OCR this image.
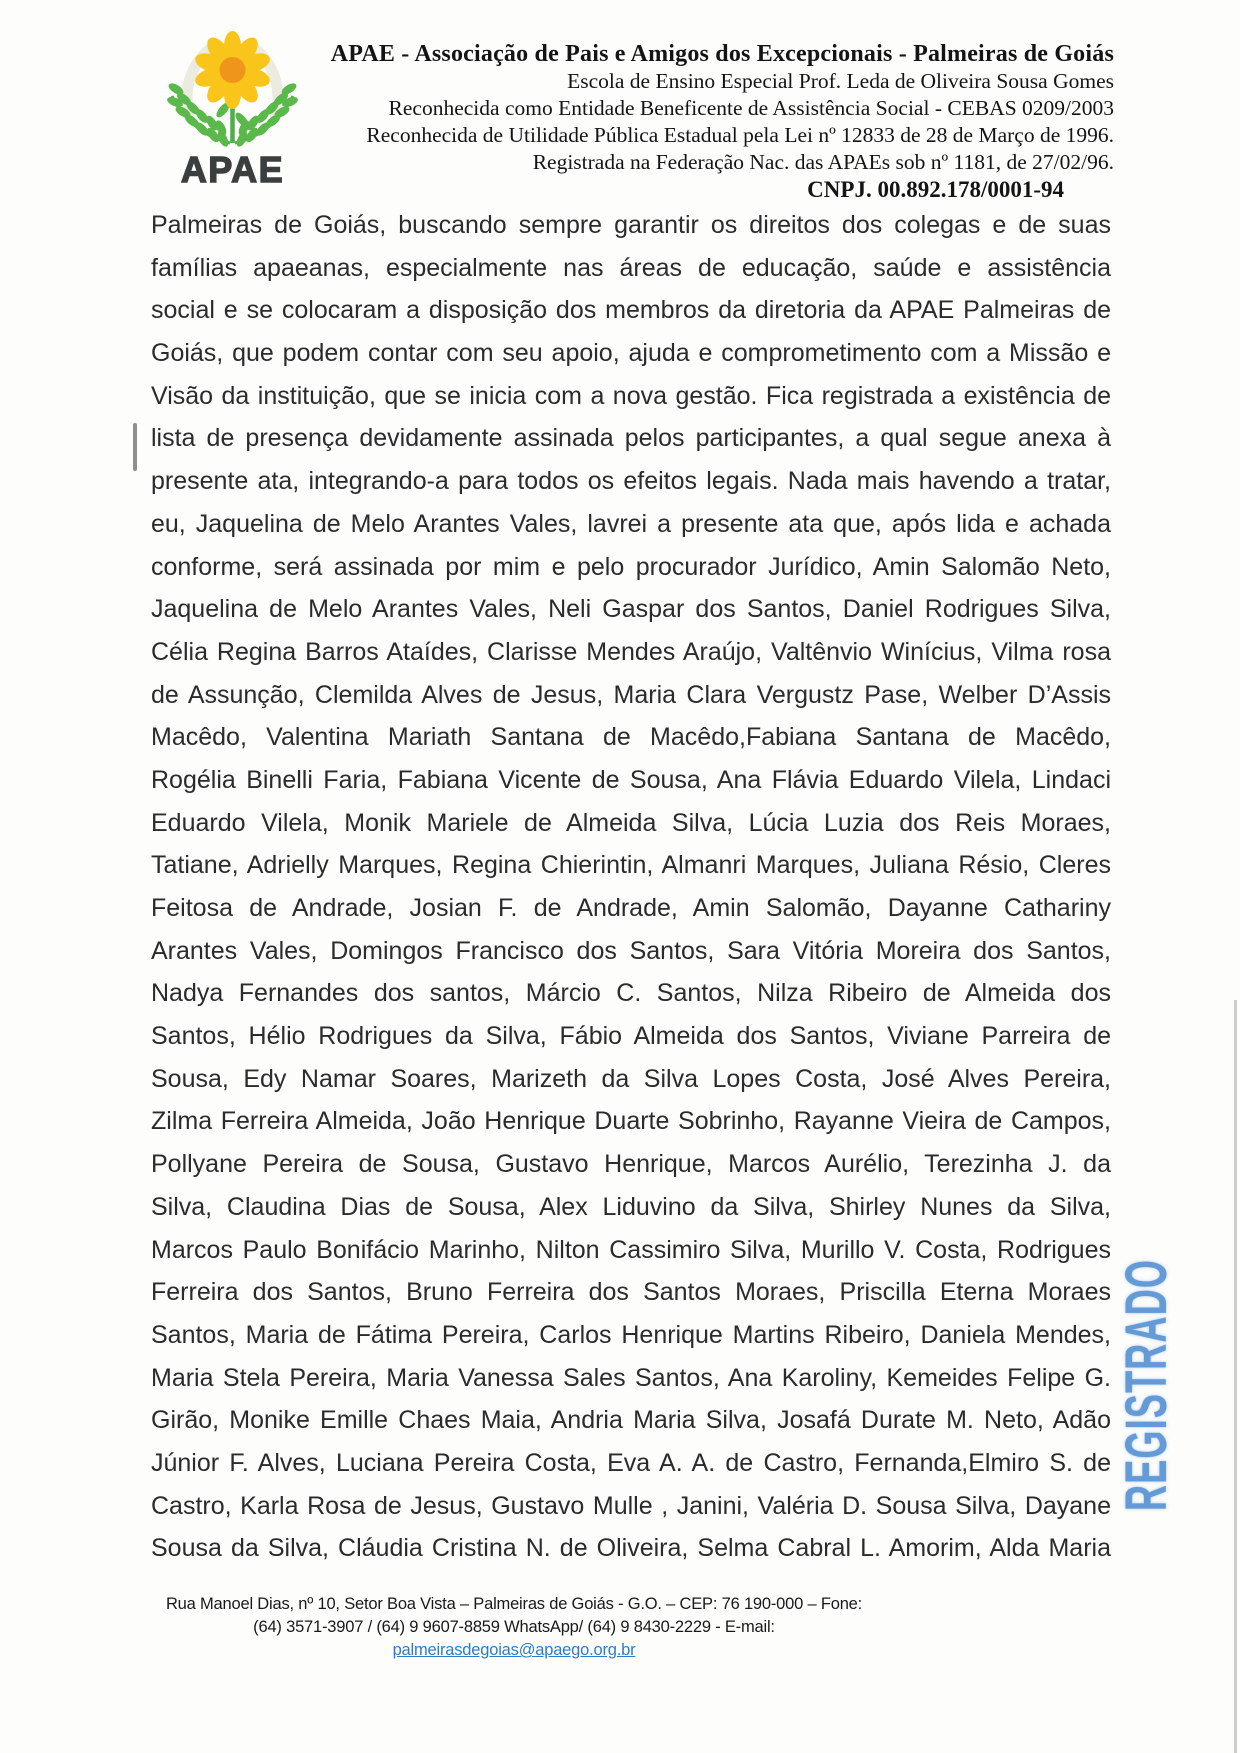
APAE
APAE - Associação de Pais e Amigos dos Excepcionais - Palmeiras de Goiás
Escola de Ensino Especial Prof. Leda de Oliveira Sousa Gomes
Reconhecida como Entidade Beneficente de Assistência Social - CEBAS 0209/2003
Reconhecida de Utilidade Pública Estadual pela Lei nº 12833 de 28 de Março de 1996.
Registrada na Federação Nac. das APAEs sob nº 1181, de 27/02/96.
CNPJ. 00.892.178/0001-94
Palmeiras de Goiás, buscando sempre garantir os direitos dos colegas e de suas
famílias apaeanas, especialmente nas áreas de educação, saúde e assistência
social e se colocaram a disposição dos membros da diretoria da APAE Palmeiras de
Goiás, que podem contar com seu apoio, ajuda e comprometimento com a Missão e
Visão da instituição, que se inicia com a nova gestão. Fica registrada a existência de
lista de presença devidamente assinada pelos participantes, a qual segue anexa à
presente ata, integrando-a para todos os efeitos legais. Nada mais havendo a tratar,
eu, Jaquelina de Melo Arantes Vales, lavrei a presente ata que, após lida e achada
conforme, será assinada por mim e pelo procurador Jurídico, Amin Salomão Neto,
Jaquelina de Melo Arantes Vales, Neli Gaspar dos Santos, Daniel Rodrigues Silva,
Célia Regina Barros Ataídes, Clarisse Mendes Araújo, Valtênvio Winícius, Vilma rosa
de Assunção, Clemilda Alves de Jesus, Maria Clara Vergustz Pase, Welber D’Assis
Macêdo, Valentina Mariath Santana de Macêdo,Fabiana Santana de Macêdo,
Rogélia Binelli Faria, Fabiana Vicente de Sousa, Ana Flávia Eduardo Vilela, Lindaci
Eduardo Vilela, Monik Mariele de Almeida Silva, Lúcia Luzia dos Reis Moraes,
Tatiane, Adrielly Marques, Regina Chierintin, Almanri Marques, Juliana Résio, Cleres
Feitosa de Andrade, Josian F. de Andrade, Amin Salomão, Dayanne Cathariny
Arantes Vales, Domingos Francisco dos Santos, Sara Vitória Moreira dos Santos,
Nadya Fernandes dos santos, Márcio C. Santos, Nilza Ribeiro de Almeida dos
Santos, Hélio Rodrigues da Silva, Fábio Almeida dos Santos, Viviane Parreira de
Sousa, Edy Namar Soares, Marizeth da Silva Lopes Costa, José Alves Pereira,
Zilma Ferreira Almeida, João Henrique Duarte Sobrinho, Rayanne Vieira de Campos,
Pollyane Pereira de Sousa, Gustavo Henrique, Marcos Aurélio, Terezinha J. da
Silva, Claudina Dias de Sousa, Alex Liduvino da Silva, Shirley Nunes da Silva,
Marcos Paulo Bonifácio Marinho, Nilton Cassimiro Silva, Murillo V. Costa, Rodrigues
Ferreira dos Santos, Bruno Ferreira dos Santos Moraes, Priscilla Eterna Moraes
Santos, Maria de Fátima Pereira, Carlos Henrique Martins Ribeiro, Daniela Mendes,
Maria Stela Pereira, Maria Vanessa Sales Santos, Ana Karoliny, Kemeides Felipe G.
Girão, Monike Emille Chaes Maia, Andria Maria Silva, Josafá Durate M. Neto, Adão
Júnior F. Alves, Luciana Pereira Costa, Eva A. A. de Castro, Fernanda,Elmiro S. de
Castro, Karla Rosa de Jesus, Gustavo Mulle , Janini, Valéria D. Sousa Silva, Dayane
Sousa da Silva, Cláudia Cristina N. de Oliveira, Selma Cabral L. Amorim, Alda Maria
REGISTRADO
Rua Manoel Dias, nº 10, Setor Boa Vista – Palmeiras de Goiás - G.O. – CEP: 76 190-000 – Fone:
(64) 3571-3907 / (64) 9 9607-8859 WhatsApp/ (64) 9 8430-2229 - E-mail: palmeirasdegoias@apaego.org.br
